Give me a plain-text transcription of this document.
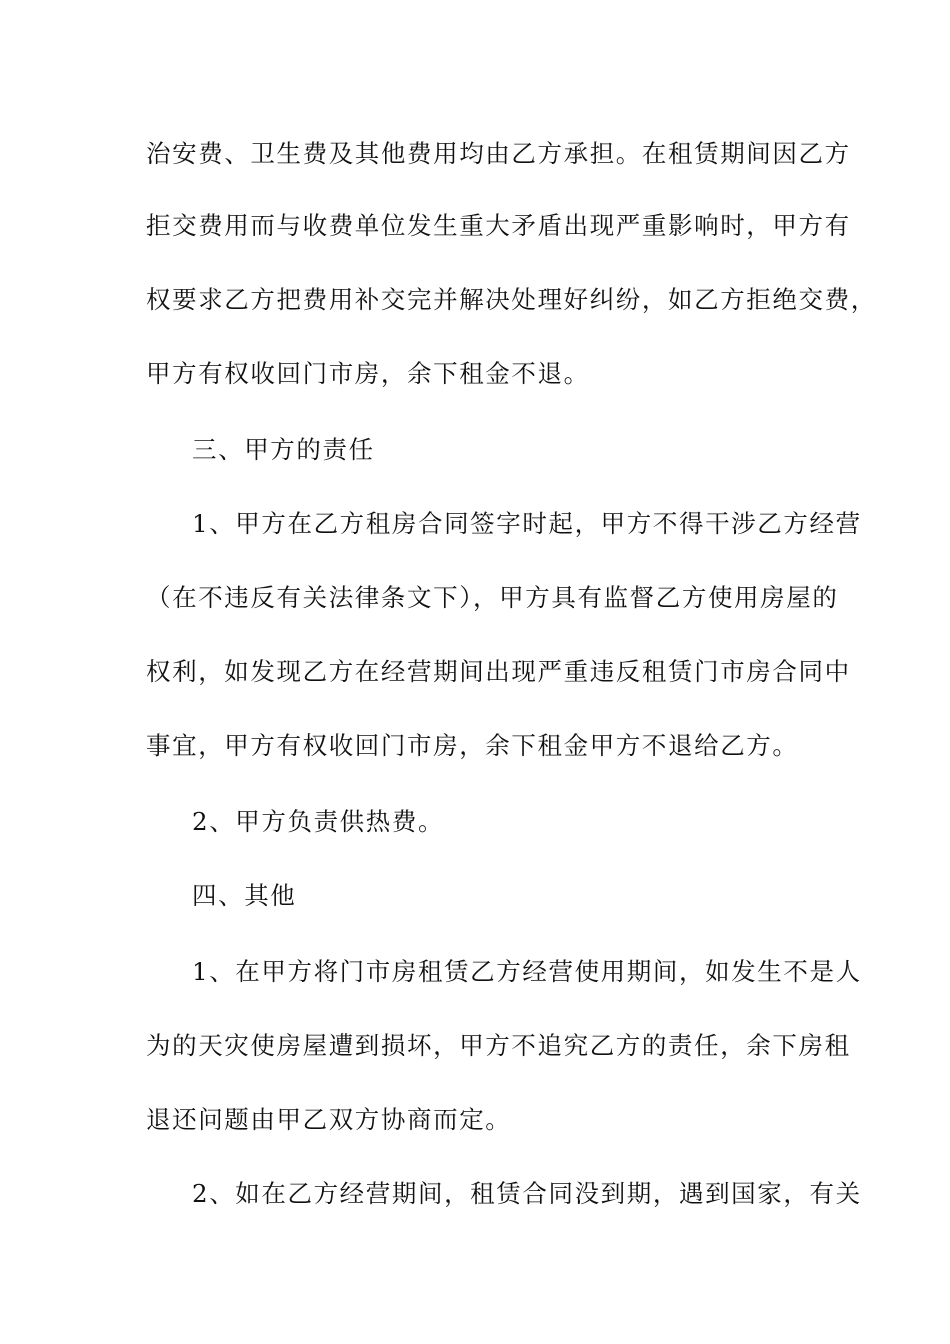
治安费、卫生费及其他费用均由乙方承担。在租赁期间因乙方
拒交费用而与收费单位发生重大矛盾出现严重影响时，甲方有
权要求乙方把费用补交完并解决处理好纠纷，如乙方拒绝交费，
甲方有权收回门市房，余下租金不退。
三、甲方的责任
1、甲方在乙方租房合同签字时起，甲方不得干涉乙方经营
（在不违反有关法律条文下），甲方具有监督乙方使用房屋的
权利，如发现乙方在经营期间出现严重违反租赁门市房合同中
事宜，甲方有权收回门市房，余下租金甲方不退给乙方。
2、甲方负责供热费。
四、其他
1、在甲方将门市房租赁乙方经营使用期间，如发生不是人
为的天灾使房屋遭到损坏，甲方不追究乙方的责任，余下房租
退还问题由甲乙双方协商而定。
2、如在乙方经营期间，租赁合同没到期，遇到国家，有关
